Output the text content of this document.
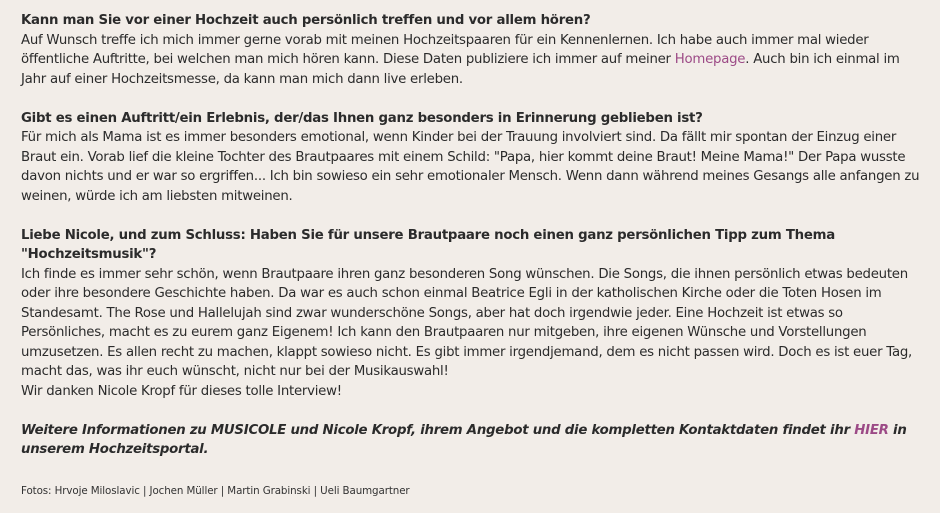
Kann man Sie vor einer Hochzeit auch persönlich treffen und vor allem hören?

Auf Wunsch treffe ich mich immer gerne vorab mit meinen Hochzeitspaaren für ein Kennenlernen. Ich habe auch immer mal wieder öffentliche Auftritte, bei welchen man mich hören kann. Diese Daten publiziere ich immer auf meiner Homepage. Auch bin ich einmal im Jahr auf einer Hochzeitsmesse, da kann man mich dann live erleben.

Gibt es einen Auftritt/ein Erlebnis, der/das Ihnen ganz besonders in Erinnerung geblieben ist?

Für mich als Mama ist es immer besonders emotional, wenn Kinder bei der Trauung involviert sind. Da fällt mir spontan der Einzug einer Braut ein. Vorab lief die kleine Tochter des Brautpaares mit einem Schild: "Papa, hier kommt deine Braut! Meine Mama!" Der Papa wusste davon nichts und er war so ergriffen... Ich bin sowieso ein sehr emotionaler Mensch. Wenn dann während meines Gesangs alle anfangen zu weinen, würde ich am liebsten mitweinen.

Liebe Nicole, und zum Schluss: Haben Sie für unsere Brautpaare noch einen ganz persönlichen Tipp zum Thema "Hochzeitsmusik"?

Ich finde es immer sehr schön, wenn Brautpaare ihren ganz besonderen Song wünschen. Die Songs, die ihnen persönlich etwas bedeuten oder ihre besondere Geschichte haben. Da war es auch schon einmal Beatrice Egli in der katholischen Kirche oder die Toten Hosen im Standesamt. The Rose und Hallelujah sind zwar wunderschöne Songs, aber hat doch irgendwie jeder. Eine Hochzeit ist etwas so Persönliches, macht es zu eurem ganz Eigenem! Ich kann den Brautpaaren nur mitgeben, ihre eigenen Wünsche und Vorstellungen umzusetzen. Es allen recht zu machen, klappt sowieso nicht. Es gibt immer irgendjemand, dem es nicht passen wird. Doch es ist euer Tag, macht das, was ihr euch wünscht, nicht nur bei der Musikauswahl!

Wir danken Nicole Kropf für dieses tolle Interview!

Weitere Informationen zu MUSICOLE und Nicole Kropf, ihrem Angebot und die kompletten Kontaktdaten findet ihr HIER in unserem Hochzeitsportal.

Fotos: Hrvoje Miloslavic | Jochen Müller | Martin Grabinski | Ueli Baumgartner
